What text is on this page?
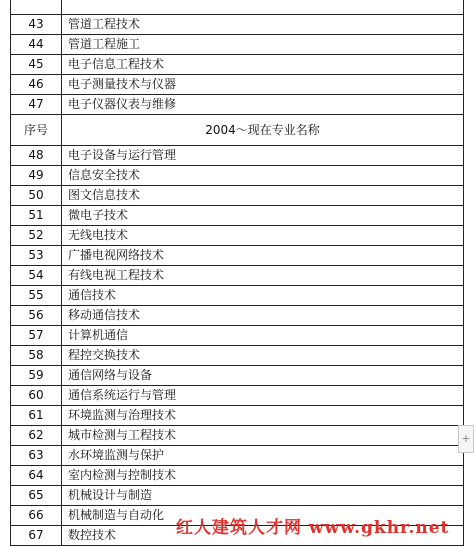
43	管道工程技术
44	管道工程施工
45	电子信息工程技术
46	电子测量技术与仪器
47	电子仪器仪表与维修
序号	2004～现在专业名称
48	电子设备与运行管理
49	信息安全技术
50	图文信息技术
51	微电子技术
52	无线电技术
53	广播电视网络技术
54	有线电视工程技术
55	通信技术
56	移动通信技术
57	计算机通信
58	程控交换技术
59	通信网络与设备
60	通信系统运行与管理
61	环境监测与治理技术
62	城市检测与工程技术
63	水环境监测与保护
64	室内检测与控制技术
65	机械设计与制造
66	机械制造与自动化
67	数控技术
+
红人建筑人才网 www.gkhr.net
